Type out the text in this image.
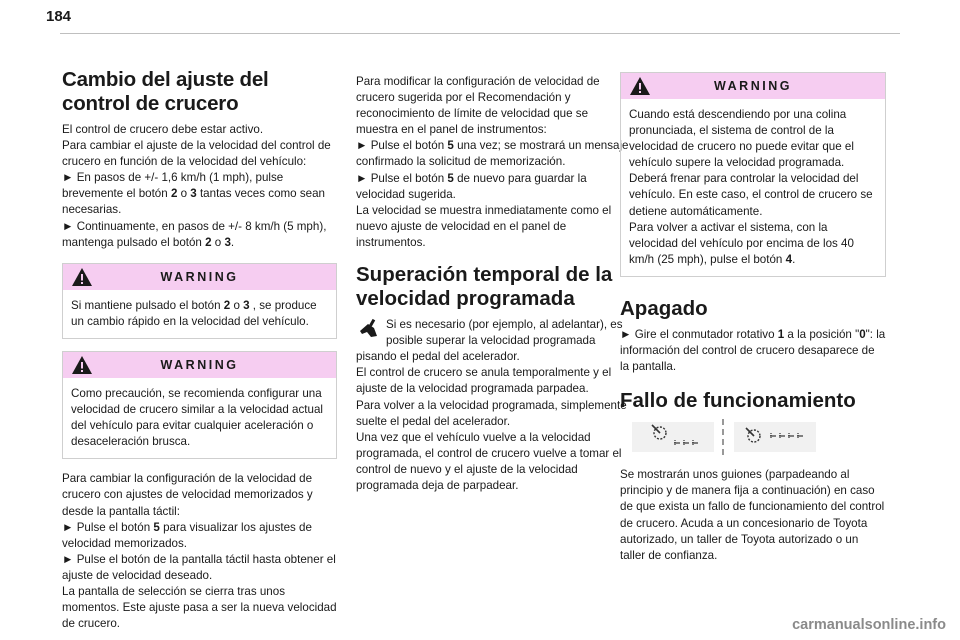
184
Cambio del ajuste del control de crucero

El control de crucero debe estar activo.

Para cambiar el ajuste de la velocidad del control de crucero en función de la velocidad del vehículo:

► En pasos de +/- 1,6 km/h (1 mph), pulse brevemente el botón 2 o 3 tantas veces como sean necesarias.

► Continuamente, en pasos de +/- 8 km/h (5 mph), mantenga pulsado el botón 2 o 3.

WARNING
Si mantiene pulsado el botón 2 o 3 , se produce un cambio rápido en la velocidad del vehículo.
WARNING
Como precaución, se recomienda configurar una velocidad de crucero similar a la velocidad actual del vehículo para evitar cualquier aceleración o desaceleración brusca.

Para cambiar la configuración de la velocidad de crucero con ajustes de velocidad memorizados y desde la pantalla táctil:

► Pulse el botón 5 para visualizar los ajustes de velocidad memorizados.

► Pulse el botón de la pantalla táctil hasta obtener el ajuste de velocidad deseado.

La pantalla de selección se cierra tras unos momentos. Este ajuste pasa a ser la nueva velocidad de crucero.

Para modificar la configuración de velocidad de crucero sugerida por el Recomendación y reconocimiento de límite de velocidad que se muestra en el panel de instrumentos:

► Pulse el botón 5 una vez; se mostrará un mensaje confirmado la solicitud de memorización.

► Pulse el botón 5 de nuevo para guardar la velocidad sugerida.

La velocidad se muestra inmediatamente como el nuevo ajuste de velocidad en el panel de instrumentos.

Superación temporal de la velocidad programada

Si es necesario (por ejemplo, al adelantar), es posible superar la velocidad programada pisando el pedal del acelerador.

El control de crucero se anula temporalmente y el ajuste de la velocidad programada parpadea.

Para volver a la velocidad programada, simplemente suelte el pedal del acelerador.

Una vez que el vehículo vuelve a la velocidad programada, el control de crucero vuelve a tomar el control de nuevo y el ajuste de la velocidad programada deja de parpadear.

WARNING
Cuando está descendiendo por una colina pronunciada, el sistema de control de la velocidad de crucero no puede evitar que el vehículo supere la velocidad programada.
Deberá frenar para controlar la velocidad del vehículo. En este caso, el control de crucero se detiene automáticamente.
Para volver a activar el sistema, con la velocidad del vehículo por encima de los 40 km/h (25 mph), pulse el botón 4.
Apagado

► Gire el conmutador rotativo 1 a la posición "0": la información del control de crucero desaparece de la pantalla.

Fallo de funcionamiento

Se mostrarán unos guiones (parpadeando al principio y de manera fija a continuación) en caso de que exista un fallo de funcionamiento del control de crucero. Acuda a un concesionario de Toyota autorizado, un taller de Toyota autorizado o un taller de confianza.

carmanualsonline.info
